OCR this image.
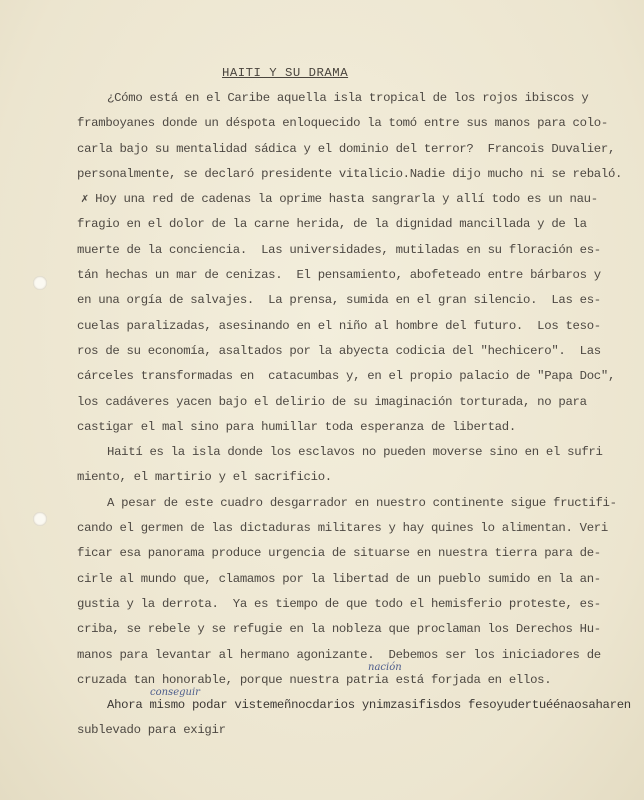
HAITI Y SU DRAMA
¿Cómo está en el Caribe aquella isla tropical de los rojos ibiscos y
framboyanes donde un déspota enloquecido la tomó entre sus manos para colo-
carla bajo su mentalidad sádica y el dominio del terror?  Francois Duvalier,
personalmente, se declaró presidente vitalicio.Nadie dijo mucho ni se rebaló.
✗ Hoy una red de cadenas la oprime hasta sangrarla y allí todo es un nau-
fragio en el dolor de la carne herida, de la dignidad mancillada y de la
muerte de la conciencia.  Las universidades, mutiladas en su floración es-
tán hechas un mar de cenizas.  El pensamiento, abofeteado entre bárbaros y
en una orgía de salvajes.  La prensa, sumida en el gran silencio.  Las es-
cuelas paralizadas, asesinando en el niño al hombre del futuro.  Los teso-
ros de su economía, asaltados por la abyecta codicia del "hechicero".  Las
cárceles transformadas en  catacumbas y, en el propio palacio de "Papa Doc",
los cadáveres yacen bajo el delirio de su imaginación torturada, no para
castigar el mal sino para humillar toda esperanza de libertad.
Haití es la isla donde los esclavos no pueden moverse sino en el sufri
miento, el martirio y el sacrificio.
A pesar de este cuadro desgarrador en nuestro continente sigue fructifi-
cando el germen de las dictaduras militares y hay quines lo alimentan. Veri
ficar esa panorama produce urgencia de situarse en nuestra tierra para de-
cirle al mundo que, clamamos por la libertad de un pueblo sumido en la an-
gustia y la derrota.  Ya es tiempo de que todo el hemisferio proteste, es-
criba, se rebele y se refugie en la nobleza que proclaman los Derechos Hu-
manos para levantar al hermano agonizante.  Debemos ser los iniciadores de
cruzada tan honorable, porque nuestra patria está forjada en ellos.
Ahora mismo podar vistemeñnocdarios ynimzasifisdos fesoyudertuéénaosaharen
sublevado para exigir
nación
conseguir
